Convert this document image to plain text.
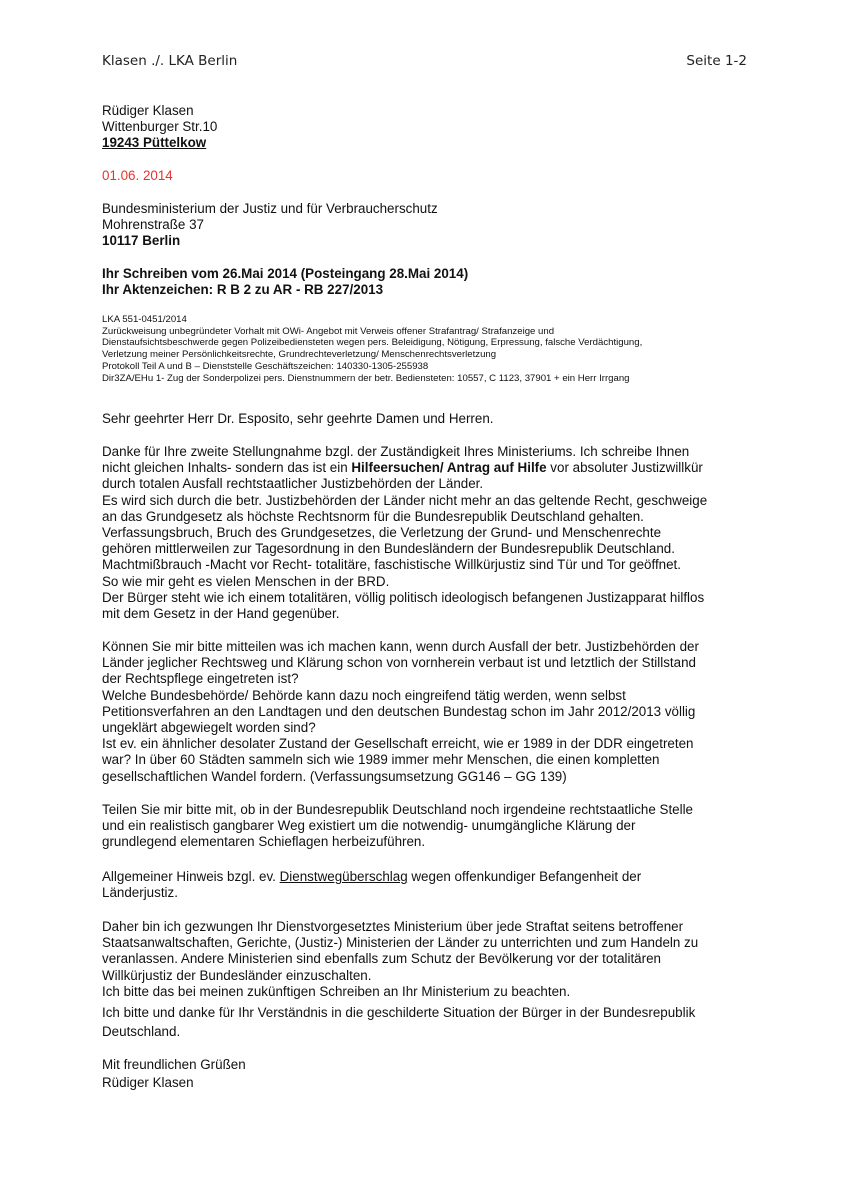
Klasen ./. LKA Berlin	Seite 1-2
Rüdiger Klasen
Wittenburger Str.10
19243 Püttelkow
01.06. 2014
Bundesministerium der Justiz und für Verbraucherschutz
Mohrenstraße 37
10117 Berlin
Ihr Schreiben vom 26.Mai 2014 (Posteingang 28.Mai 2014)
Ihr Aktenzeichen: R B 2 zu AR - RB 227/2013
LKA 551-0451/2014
Zurückweisung unbegründeter Vorhalt mit OWi- Angebot mit Verweis offener Strafantrag/ Strafanzeige und
Dienstaufsichtsbeschwerde gegen Polizeibediensteten wegen pers. Beleidigung, Nötigung, Erpressung, falsche Verdächtigung,
Verletzung meiner Persönlichkeitsrechte, Grundrechteverletzung/ Menschenrechtsverletzung
Protokoll Teil A und B – Dienststelle Geschäftszeichen: 140330-1305-255938
Dir3ZA/EHu 1- Zug der Sonderpolizei pers. Dienstnummern der betr. Bediensteten: 10557, C 1123, 37901 + ein Herr Irrgang
Sehr geehrter Herr Dr. Esposito, sehr geehrte Damen und Herren.
Danke für Ihre zweite Stellungnahme bzgl. der Zuständigkeit Ihres Ministeriums. Ich schreibe Ihnen
nicht gleichen Inhalts- sondern das ist ein Hilfeersuchen/ Antrag auf Hilfe vor absoluter Justizwillkür
durch totalen Ausfall rechtstaatlicher Justizbehörden der Länder.
Es wird sich durch die betr. Justizbehörden der Länder nicht mehr an das geltende Recht, geschweige
an das Grundgesetz als höchste Rechtsnorm für die Bundesrepublik Deutschland gehalten.
Verfassungsbruch, Bruch des Grundgesetzes, die Verletzung der Grund- und Menschenrechte
gehören mittlerweilen zur Tagesordnung in den Bundesländern der Bundesrepublik Deutschland.
Machtmißbrauch -Macht vor Recht- totalitäre, faschistische Willkürjustiz sind Tür und Tor geöffnet.
So wie mir geht es vielen Menschen in der BRD.
Der Bürger steht wie ich einem totalitären, völlig politisch ideologisch befangenen Justizapparat hilflos
mit dem Gesetz in der Hand gegenüber.
Können Sie mir bitte mitteilen was ich machen kann, wenn durch Ausfall der betr. Justizbehörden der
Länder jeglicher Rechtsweg und Klärung schon von vornherein verbaut ist und letztlich der Stillstand
der Rechtspflege eingetreten ist?
Welche Bundesbehörde/ Behörde kann dazu noch eingreifend tätig werden, wenn selbst
Petitionsverfahren an den Landtagen und den deutschen Bundestag schon im Jahr 2012/2013 völlig
ungeklärt abgewiegelt worden sind?
Ist ev. ein ähnlicher desolater Zustand der Gesellschaft erreicht, wie er 1989 in der DDR eingetreten
war? In über 60 Städten sammeln sich wie 1989 immer mehr Menschen, die einen kompletten
gesellschaftlichen Wandel fordern. (Verfassungsumsetzung GG146 – GG 139)
Teilen Sie mir bitte mit, ob in der Bundesrepublik Deutschland noch irgendeine rechtstaatliche Stelle
und ein realistisch gangbarer Weg existiert um die notwendig- unumgängliche Klärung der
grundlegend elementaren Schieflagen herbeizuführen.
Allgemeiner Hinweis bzgl. ev. Dienstwegüberschlag wegen offenkundiger Befangenheit der
Länderjustiz.
Daher bin ich gezwungen Ihr Dienstvorgesetztes Ministerium über jede Straftat seitens betroffener
Staatsanwaltschaften, Gerichte, (Justiz-) Ministerien der Länder zu unterrichten und zum Handeln zu
veranlassen. Andere Ministerien sind ebenfalls zum Schutz der Bevölkerung vor der totalitären
Willkürjustiz der Bundesländer einzuschalten.
Ich bitte das bei meinen zukünftigen Schreiben an Ihr Ministerium zu beachten.
Ich bitte und danke für Ihr Verständnis in die geschilderte Situation der Bürger in der Bundesrepublik
Deutschland.
Mit freundlichen Grüßen
Rüdiger Klasen
